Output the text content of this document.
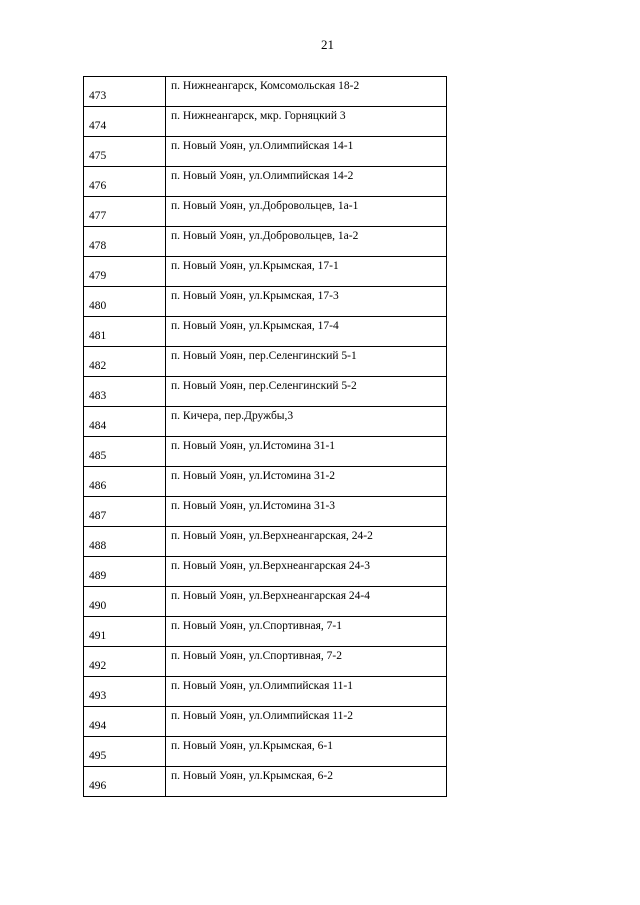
21
473	п. Нижнеангарск, Комсомольская 18-2
474	п. Нижнеангарск, мкр. Горняцкий 3
475	п. Новый Уоян, ул.Олимпийская 14-1
476	п. Новый Уоян, ул.Олимпийская 14-2
477	п. Новый Уоян, ул.Добровольцев, 1а-1
478	п. Новый Уоян, ул.Добровольцев, 1а-2
479	п. Новый Уоян, ул.Крымская, 17-1
480	п. Новый Уоян, ул.Крымская, 17-3
481	п. Новый Уоян, ул.Крымская, 17-4
482	п. Новый Уоян, пер.Селенгинский 5-1
483	п. Новый Уоян, пер.Селенгинский 5-2
484	п. Кичера, пер.Дружбы,3
485	п. Новый Уоян, ул.Истомина 31-1
486	п. Новый Уоян, ул.Истомина 31-2
487	п. Новый Уоян, ул.Истомина 31-3
488	п. Новый Уоян, ул.Верхнеангарская, 24-2
489	п. Новый Уоян, ул.Верхнеангарская 24-3
490	п. Новый Уоян, ул.Верхнеангарская 24-4
491	п. Новый Уоян, ул.Спортивная, 7-1
492	п. Новый Уоян, ул.Спортивная, 7-2
493	п. Новый Уоян, ул.Олимпийская 11-1
494	п. Новый Уоян, ул.Олимпийская 11-2
495	п. Новый Уоян, ул.Крымская, 6-1
496	п. Новый Уоян, ул.Крымская, 6-2
